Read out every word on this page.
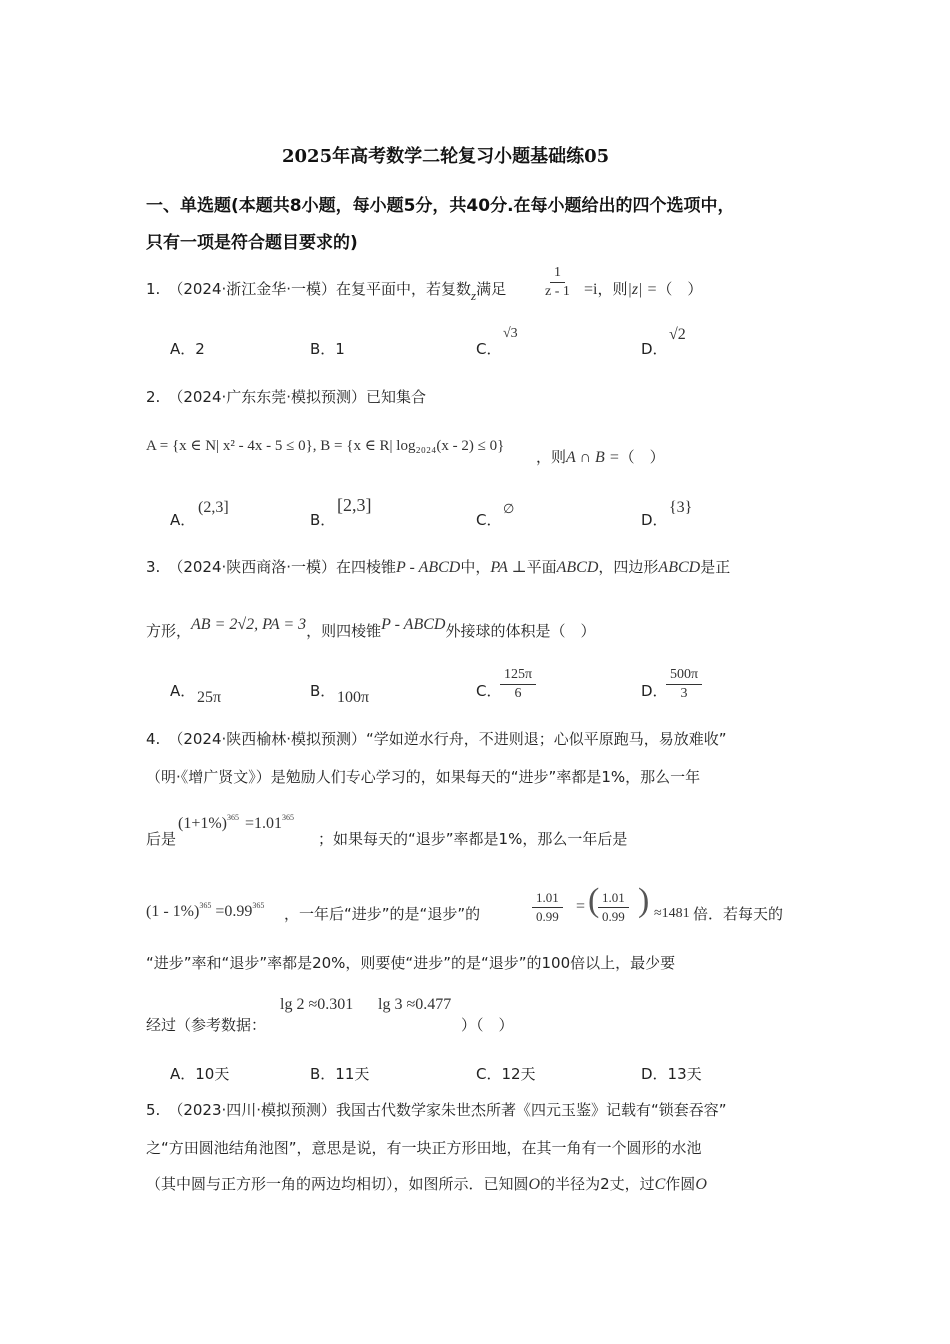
2025年高考数学二轮复习小题基础练05
一、单选题(本题共8小题，每小题5分，共40分.在每小题给出的四个选项中，
只有一项是符合题目要求的)
1. （2024·浙江金华·一模）在复平面中，若复数z满足	$\frac{1}{z - 1} =i$，则|z| =（　）
A．2	B．1	C．
√3
D．
√2
2. （2024·广东东莞·模拟预测）已知集合
A = {x ∈ N| x² - 4x - 5 ≤ 0}, B = {x ∈ R| log₂₀₂₄(x - 2) ≤ 0}
，则A ∩ B =（　）
A．
(2,3]
B．
[2,3]
C．
∅
D．
{3}
3. （2024·陕西商洛·一模）在四棱锥P - ABCD中，PA ⊥平面ABCD，四边形ABCD是正
方形，AB = 2√2, PA = 3，则四棱锥P - ABCD外接球的体积是（　）
A． 25π	B． 100π	C．
$\frac{125\pi}{6}$	D．
$\frac{500\pi}{3}$
4. （2024·陕西榆林·模拟预测）“学如逆水行舟，不进则退；心似平原跑马，易放难收”
（明·《增广贤文》）是勉励人们专心学习的，如果每天的“进步”率都是1%，那么一年
后是
$(1+1\%)^{365} =1.01^{365}$
；如果每天的“退步”率都是1%，那么一年后是
$(1 - 1\%)^{365} =0.99^{365}$ ，一年后“进步”的是“退步”的	$\frac{1.01}{0.99}$ = (
$\frac{1.01}{0.99}$ ) ≈1481 倍．若每天的
“进步”率和“退步”率都是20%，则要使“进步”的是“退步”的100倍以上，最少要
经过（参考数据：
lg 2 ≈0.301 lg 3 ≈0.477
）（　）
A．10天	B．11天	C．12天	D．13天
5. （2023·四川·模拟预测）我国古代数学家朱世杰所著《四元玉鉴》记载有“锁套吞容”
之“方田圆池结角池图”，意思是说，有一块正方形田地，在其一角有一个圆形的水池
（其中圆与正方形一角的两边均相切），如图所示．已知圆O的半径为2丈，过C作圆O
